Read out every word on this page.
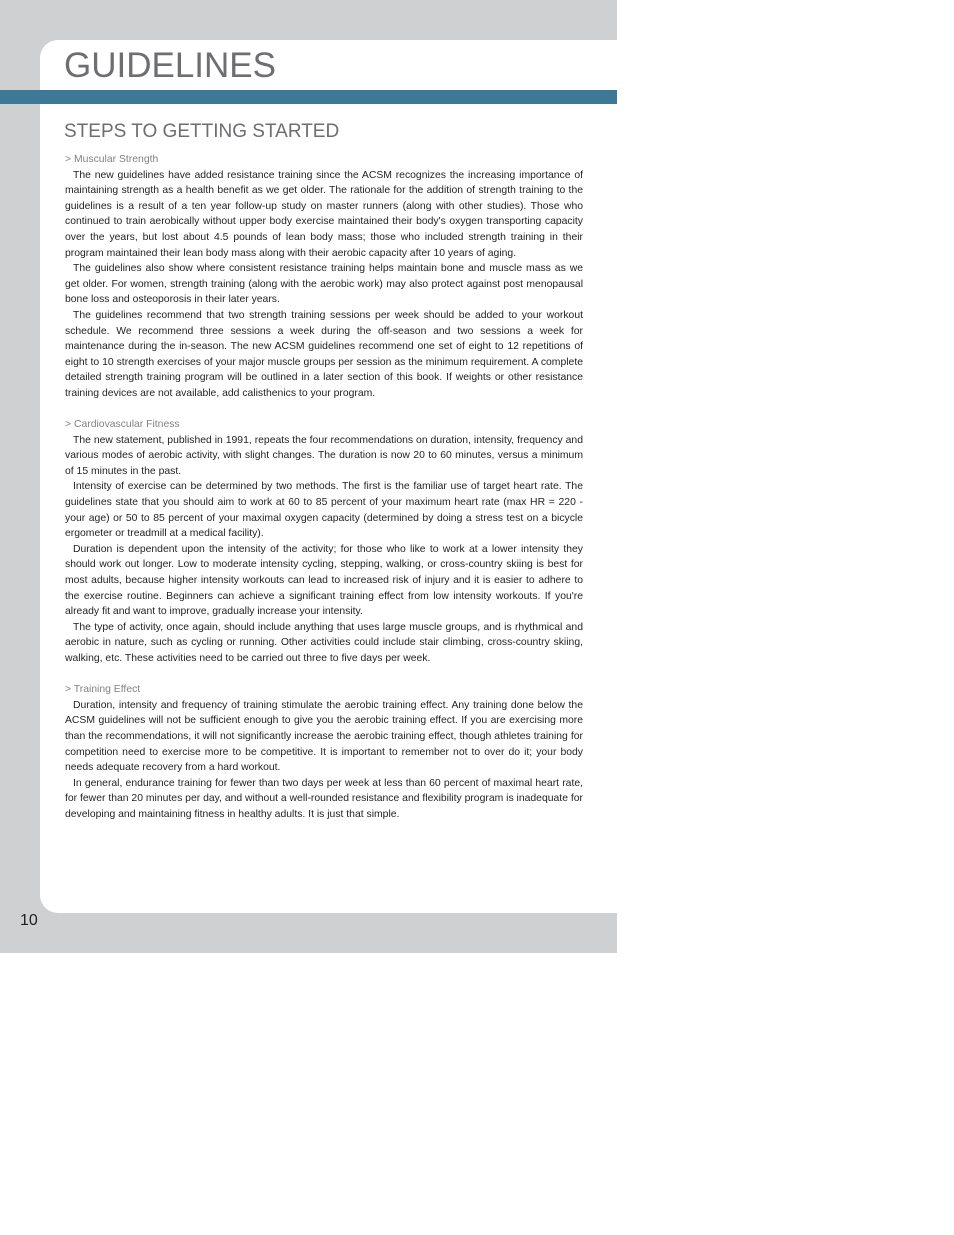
GUIDELINES
STEPS TO GETTING STARTED

> Muscular Strength

The new guidelines have added resistance training since the ACSM recognizes the increasing importance of maintaining strength as a health benefit as we get older. The rationale for the addition of strength training to the guidelines is a result of a ten year follow-up study on master runners (along with other studies). Those who continued to train aerobically without upper body exercise maintained their body's oxygen transporting capacity over the years, but lost about 4.5 pounds of lean body mass; those who included strength training in their program maintained their lean body mass along with their aerobic capacity after 10 years of aging.

The guidelines also show where consistent resistance training helps maintain bone and muscle mass as we get older. For women, strength training (along with the aerobic work) may also protect against post menopausal bone loss and osteoporosis in their later years.

The guidelines recommend that two strength training sessions per week should be added to your workout schedule. We recommend three sessions a week during the off-season and two sessions a week for maintenance during the in-season. The new ACSM guidelines recommend one set of eight to 12 repetitions of eight to 10 strength exercises of your major muscle groups per session as the minimum requirement. A complete detailed strength training program will be outlined in a later section of this book. If weights or other resistance training devices are not available, add calisthenics to your program.

> Cardiovascular Fitness

The new statement, published in 1991, repeats the four recommendations on duration, intensity, frequency and various modes of aerobic activity, with slight changes. The duration is now 20 to 60 minutes, versus a minimum of 15 minutes in the past.

Intensity of exercise can be determined by two methods. The first is the familiar use of target heart rate. The guidelines state that you should aim to work at 60 to 85 percent of your maximum heart rate (max HR = 220 - your age) or 50 to 85 percent of your maximal oxygen capacity (determined by doing a stress test on a bicycle ergometer or treadmill at a medical facility).

Duration is dependent upon the intensity of the activity; for those who like to work at a lower intensity they should work out longer. Low to moderate intensity cycling, stepping, walking, or cross-country skiing is best for most adults, because higher intensity workouts can lead to increased risk of injury and it is easier to adhere to the exercise routine. Beginners can achieve a significant training effect from low intensity workouts. If you're already fit and want to improve, gradually increase your intensity.

The type of activity, once again, should include anything that uses large muscle groups, and is rhythmical and aerobic in nature, such as cycling or running. Other activities could include stair climbing, cross-country skiing, walking, etc. These activities need to be carried out three to five days per week.

> Training Effect

Duration, intensity and frequency of training stimulate the aerobic training effect. Any training done below the ACSM guidelines will not be sufficient enough to give you the aerobic training effect. If you are exercising more than the recommendations, it will not significantly increase the aerobic training effect, though athletes training for competition need to exercise more to be competitive. It is important to remember not to over do it; your body needs adequate recovery from a hard workout.

In general, endurance training for fewer than two days per week at less than 60 percent of maximal heart rate, for fewer than 20 minutes per day, and without a well-rounded resistance and flexibility program is inadequate for developing and maintaining fitness in healthy adults. It is just that simple.

10
